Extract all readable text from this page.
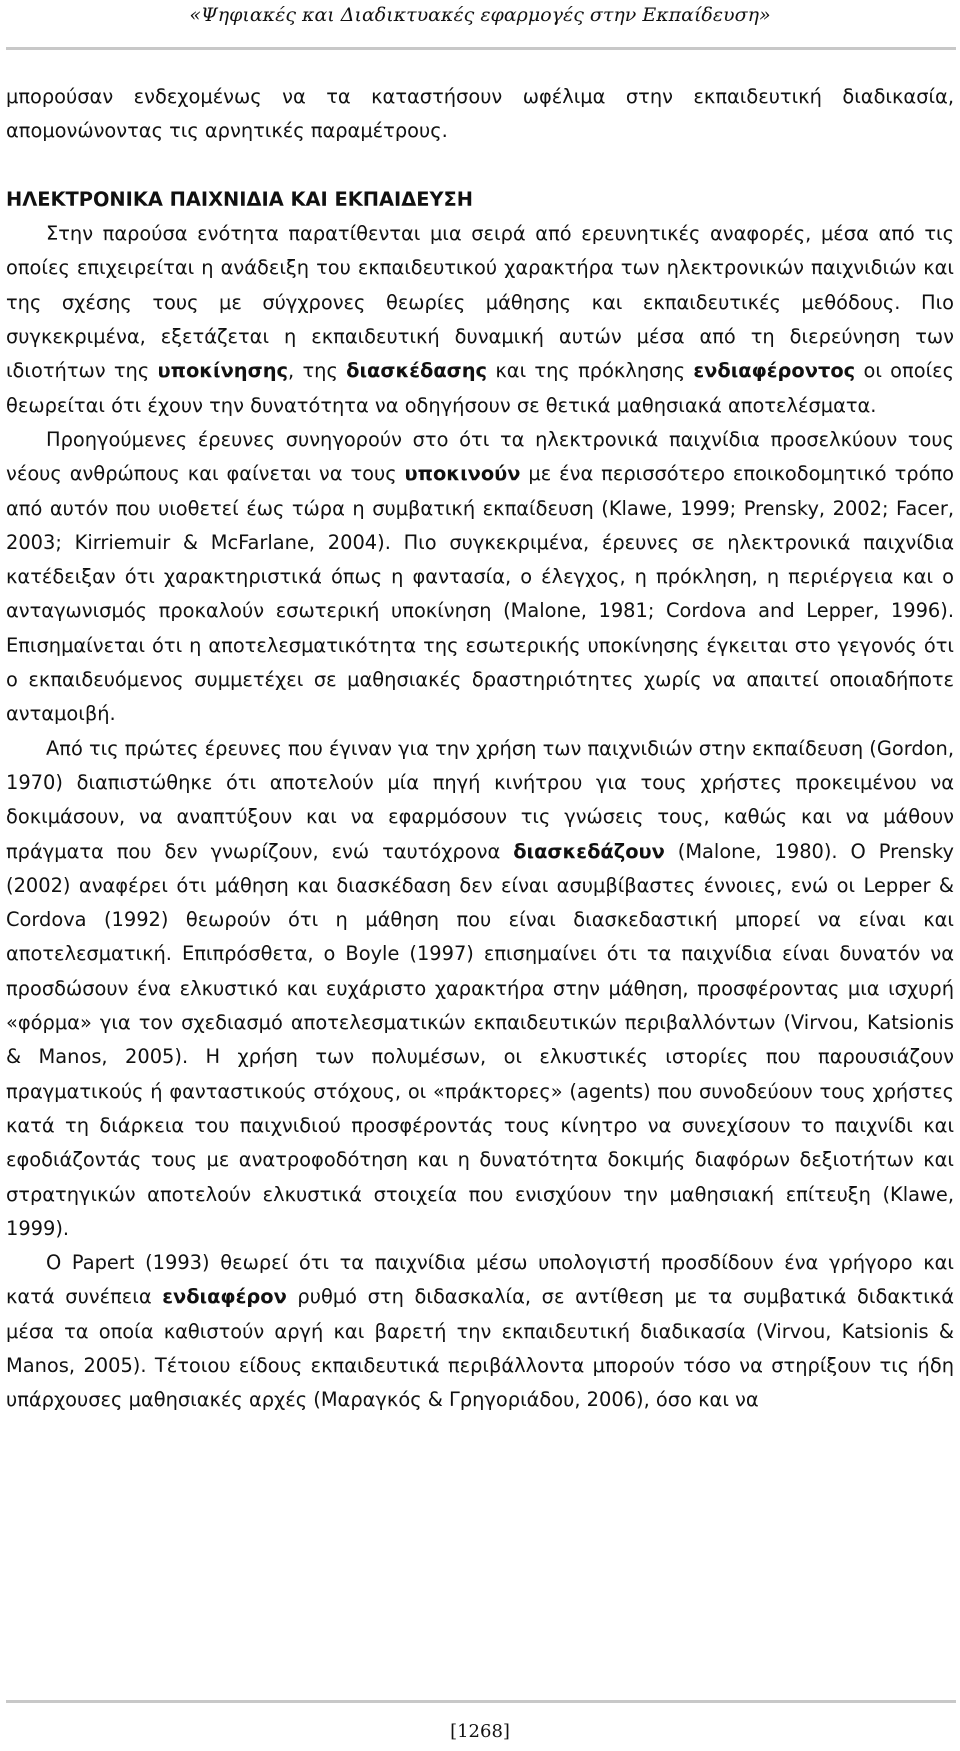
«Ψηφιακές και Διαδικτυακές εφαρμογές στην Εκπαίδευση»

μπορούσαν ενδεχομένως να τα καταστήσουν ωφέλιμα στην εκπαιδευτική διαδικασία, απομονώνοντας τις αρνητικές παραμέτρους.

ΗΛΕΚΤΡΟΝΙΚΑ ΠΑΙΧΝΙΔΙΑ ΚΑΙ ΕΚΠΑΙΔΕΥΣΗ

Στην παρούσα ενότητα παρατίθενται μια σειρά από ερευνητικές αναφορές, μέσα από τις οποίες επιχειρείται η ανάδειξη του εκπαιδευτικού χαρακτήρα των ηλεκτρονικών παιχνιδιών και της σχέσης τους με σύγχρονες θεωρίες μάθησης και εκπαιδευτικές μεθόδους. Πιο συγκεκριμένα, εξετάζεται η εκπαιδευτική δυναμική αυτών μέσα από τη διερεύνηση των ιδιοτήτων της υποκίνησης, της διασκέδασης και της πρόκλησης ενδιαφέροντος οι οποίες θεωρείται ότι έχουν την δυνατότητα να οδηγήσουν σε θετικά μαθησιακά αποτελέσματα.

Προηγούμενες έρευνες συνηγορούν στο ότι τα ηλεκτρονικά παιχνίδια προσελκύουν τους νέους ανθρώπους και φαίνεται να τους υποκινούν με ένα περισσότερο εποικοδομητικό τρόπο από αυτόν που υιοθετεί έως τώρα η συμβατική εκπαίδευση (Klawe, 1999; Prensky, 2002; Facer, 2003; Kirriemuir & McFarlane, 2004). Πιο συγκεκριμένα, έρευνες σε ηλεκτρονικά παιχνίδια κατέδειξαν ότι χαρακτηριστικά όπως η φαντασία, ο έλεγχος, η πρόκληση, η περιέργεια και ο ανταγωνισμός προκαλούν εσωτερική υποκίνηση (Malone, 1981; Cordova and Lepper, 1996). Επισημαίνεται ότι η αποτελεσματικότητα της εσωτερικής υποκίνησης έγκειται στο γεγονός ότι ο εκπαιδευόμενος συμμετέχει σε μαθησιακές δραστηριότητες χωρίς να απαιτεί οποιαδήποτε ανταμοιβή.

Από τις πρώτες έρευνες που έγιναν για την χρήση των παιχνιδιών στην εκπαίδευση (Gordon, 1970) διαπιστώθηκε ότι αποτελούν μία πηγή κινήτρου για τους χρήστες προκειμένου να δοκιμάσουν, να αναπτύξουν και να εφαρμόσουν τις γνώσεις τους, καθώς και να μάθουν πράγματα που δεν γνωρίζουν, ενώ ταυτόχρονα διασκεδάζουν (Malone, 1980). Ο Prensky (2002) αναφέρει ότι μάθηση και διασκέδαση δεν είναι ασυμβίβαστες έννοιες, ενώ οι Lepper & Cordova (1992) θεωρούν ότι η μάθηση που είναι διασκεδαστική μπορεί να είναι και αποτελεσματική. Επιπρόσθετα, ο Boyle (1997) επισημαίνει ότι τα παιχνίδια είναι δυνατόν να προσδώσουν ένα ελκυστικό και ευχάριστο χαρακτήρα στην μάθηση, προσφέροντας μια ισχυρή «φόρμα» για τον σχεδιασμό αποτελεσματικών εκπαιδευτικών περιβαλλόντων (Virvou, Katsionis & Manos, 2005). Η χρήση των πολυμέσων, οι ελκυστικές ιστορίες που παρουσιάζουν πραγματικούς ή φανταστικούς στόχους, οι «πράκτορες» (agents) που συνοδεύουν τους χρήστες κατά τη διάρκεια του παιχνιδιού προσφέροντάς τους κίνητρο να συνεχίσουν το παιχνίδι και εφοδιάζοντάς τους με ανατροφοδότηση και η δυνατότητα δοκιμής διαφόρων δεξιοτήτων και στρατηγικών αποτελούν ελκυστικά στοιχεία που ενισχύουν την μαθησιακή επίτευξη (Klawe, 1999).

Ο Papert (1993) θεωρεί ότι τα παιχνίδια μέσω υπολογιστή προσδίδουν ένα γρήγορο και κατά συνέπεια ενδιαφέρον ρυθμό στη διδασκαλία, σε αντίθεση με τα συμβατικά διδακτικά μέσα τα οποία καθιστούν αργή και βαρετή την εκπαιδευτική διαδικασία (Virvou, Katsionis & Manos, 2005). Τέτοιου είδους εκπαιδευτικά περιβάλλοντα μπορούν τόσο να στηρίξουν τις ήδη υπάρχουσες μαθησιακές αρχές (Μαραγκός & Γρηγοριάδου, 2006), όσο και να

[1268]
